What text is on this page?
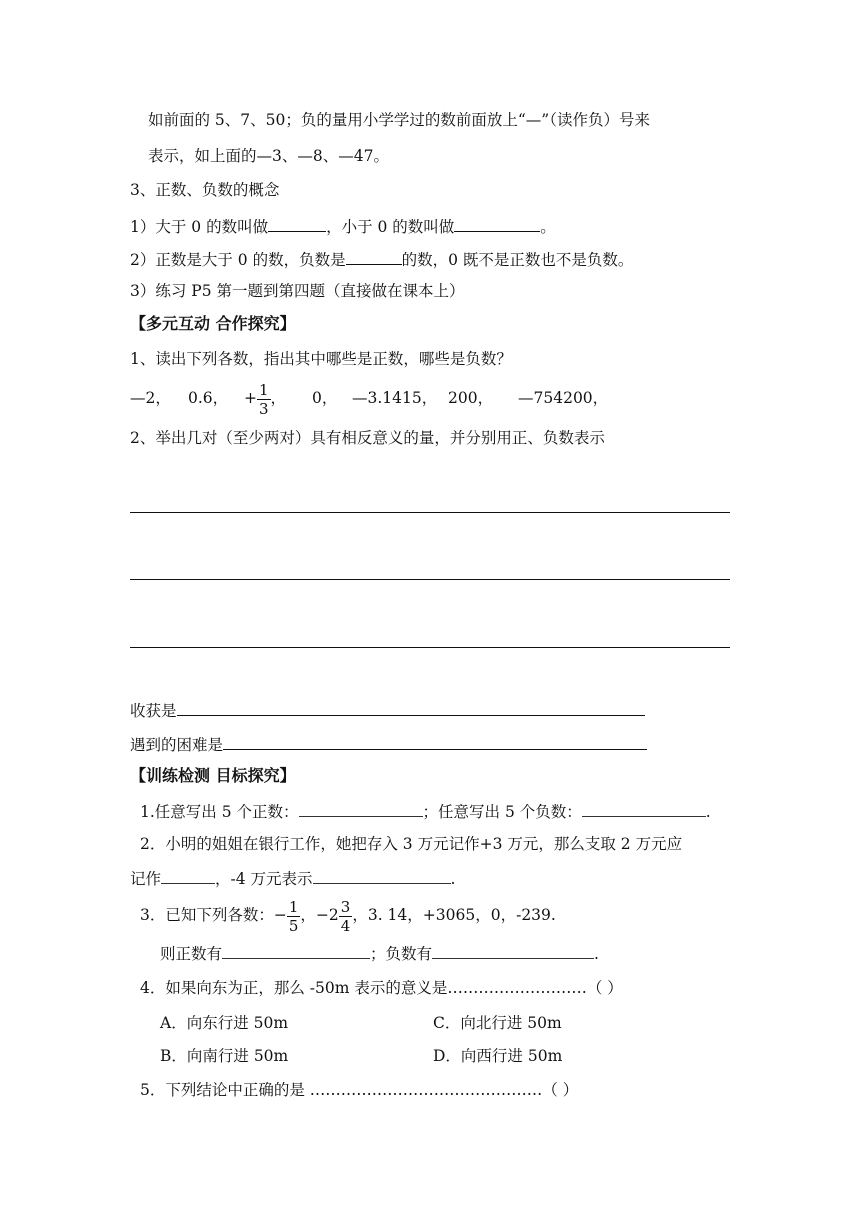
如前面的 5、7、50；负的量用小学学过的数前面放上“—”（读作负）号来
表示，如上面的—3、—8、—47。
3、正数、负数的概念
1）大于 0 的数叫做	，小于 0 的数叫做	。
2）正数是大于 0 的数，负数是	的数，0 既不是正数也不是负数。
3）练习 P5 第一题到第四题（直接做在课本上）
【多元互动 合作探究】
1、读出下列各数，指出其中哪些是正数，哪些是负数？
—2， 0.6， + $\frac{1}{3}$ ， 0， —3.1415， 200， —754200，
2、举出几对（至少两对）具有相反意义的量，并分别用正、负数表示
收获是
遇到的困难是
【训练检测 目标探究】
1.任意写出 5 个正数：	；任意写出 5 个负数：	.
2．小明的姐姐在银行工作，她把存入 3 万元记作+3 万元，那么支取 2 万元应
记作	，-4 万元表示	.
3．已知下列各数：− $\frac{1}{5}$ ，$-2 \frac{3}{4}$ ，3. 14，+3065，0，-239.
则正数有	；负数有	.
4．如果向东为正，那么 -50m 表示的意义是………………………（ ）
A．向东行进 50m	C．向北行进 50m
B．向南行进 50m	D．向西行进 50m
5．下列结论中正确的是 ………………………………………（ ）
